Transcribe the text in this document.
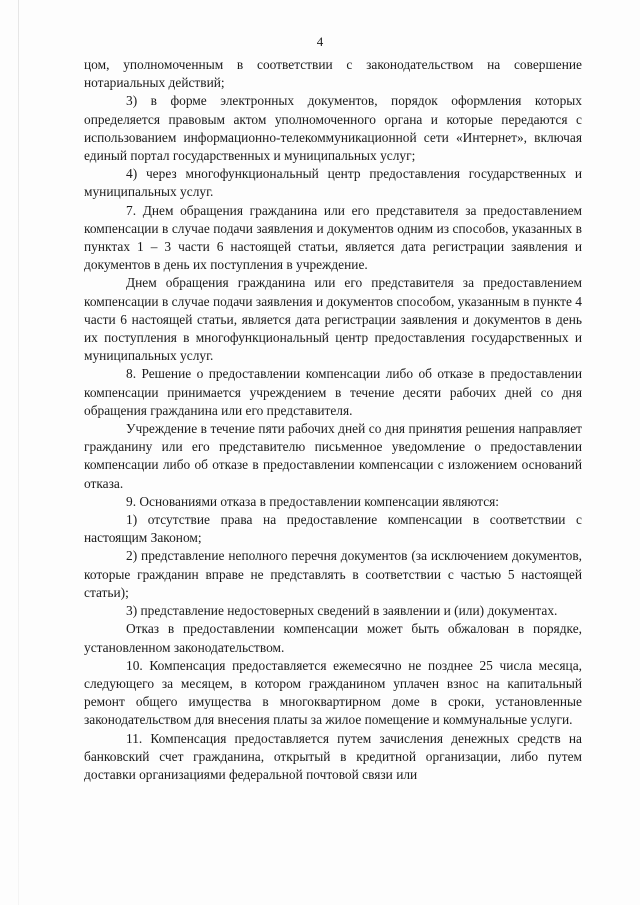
4

цом, уполномоченным в соответствии с законодательством на совершение нотариальных действий;

3) в форме электронных документов, порядок оформления которых определяется правовым актом уполномоченного органа и которые передаются с использованием информационно-телекоммуникационной сети «Интернет», включая единый портал государственных и муниципальных услуг;

4) через многофункциональный центр предоставления государственных и муниципальных услуг.

7. Днем обращения гражданина или его представителя за предоставлением компенсации в случае подачи заявления и документов одним из способов, указанных в пунктах 1 – 3 части 6 настоящей статьи, является дата регистрации заявления и документов в день их поступления в учреждение.

Днем обращения гражданина или его представителя за предоставлением компенсации в случае подачи заявления и документов способом, указанным в пункте 4 части 6 настоящей статьи, является дата регистрации заявления и документов в день их поступления в многофункциональный центр предоставления государственных и муниципальных услуг.

8. Решение о предоставлении компенсации либо об отказе в предоставлении компенсации принимается учреждением в течение десяти рабочих дней со дня обращения гражданина или его представителя.

Учреждение в течение пяти рабочих дней со дня принятия решения направляет гражданину или его представителю письменное уведомление о предоставлении компенсации либо об отказе в предоставлении компенсации с изложением оснований отказа.

9. Основаниями отказа в предоставлении компенсации являются:

1) отсутствие права на предоставление компенсации в соответствии с настоящим Законом;

2) представление неполного перечня документов (за исключением документов, которые гражданин вправе не представлять в соответствии с частью 5 настоящей статьи);

3) представление недостоверных сведений в заявлении и (или) документах.

Отказ в предоставлении компенсации может быть обжалован в порядке, установленном законодательством.

10. Компенсация предоставляется ежемесячно не позднее 25 числа месяца, следующего за месяцем, в котором гражданином уплачен взнос на капитальный ремонт общего имущества в многоквартирном доме в сроки, установленные законодательством для внесения платы за жилое помещение и коммунальные услуги.

11. Компенсация предоставляется путем зачисления денежных средств на банковский счет гражданина, открытый в кредитной организации, либо путем доставки организациями федеральной почтовой связи или
